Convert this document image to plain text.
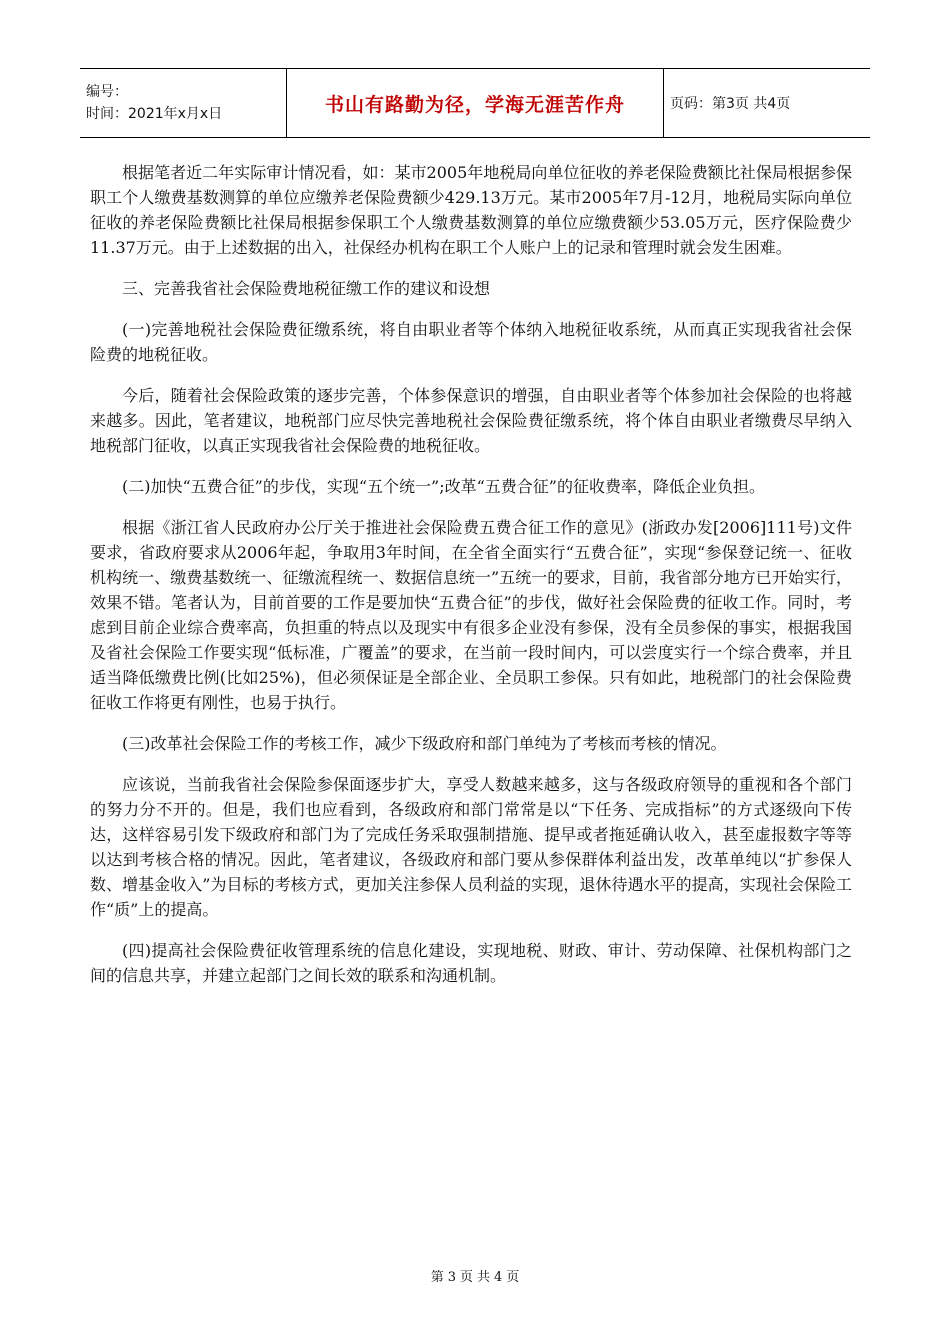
编号：
时间：2021年x月x日	书山有路勤为径，学海无涯苦作舟	页码：第3页 共4页

根据笔者近二年实际审计情况看，如：某市2005年地税局向单位征收的养老保险费额比社保局根据参保职工个人缴费基数测算的单位应缴养老保险费额少429.13万元。某市2005年7月-12月，地税局实际向单位征收的养老保险费额比社保局根据参保职工个人缴费基数测算的单位应缴费额少53.05万元，医疗保险费少11.37万元。由于上述数据的出入，社保经办机构在职工个人账户上的记录和管理时就会发生困难。

三、完善我省社会保险费地税征缴工作的建议和设想

(一)完善地税社会保险费征缴系统，将自由职业者等个体纳入地税征收系统，从而真正实现我省社会保险费的地税征收。

今后，随着社会保险政策的逐步完善，个体参保意识的增强，自由职业者等个体参加社会保险的也将越来越多。因此，笔者建议，地税部门应尽快完善地税社会保险费征缴系统，将个体自由职业者缴费尽早纳入地税部门征收，以真正实现我省社会保险费的地税征收。

(二)加快“五费合征”的步伐，实现“五个统一”;改革“五费合征”的征收费率，降低企业负担。

根据《浙江省人民政府办公厅关于推进社会保险费五费合征工作的意见》(浙政办发[2006]111号)文件要求，省政府要求从2006年起，争取用3年时间，在全省全面实行“五费合征”，实现“参保登记统一、征收机构统一、缴费基数统一、征缴流程统一、数据信息统一”五统一的要求，目前，我省部分地方已开始实行，效果不错。笔者认为，目前首要的工作是要加快“五费合征”的步伐，做好社会保险费的征收工作。同时，考虑到目前企业综合费率高，负担重的特点以及现实中有很多企业没有参保，没有全员参保的事实，根据我国及省社会保险工作要实现“低标准，广覆盖”的要求，在当前一段时间内，可以尝度实行一个综合费率，并且适当降低缴费比例(比如25%)，但必须保证是全部企业、全员职工参保。只有如此，地税部门的社会保险费征收工作将更有刚性，也易于执行。

(三)改革社会保险工作的考核工作，减少下级政府和部门单纯为了考核而考核的情况。

应该说，当前我省社会保险参保面逐步扩大，享受人数越来越多，这与各级政府领导的重视和各个部门的努力分不开的。但是，我们也应看到，各级政府和部门常常是以“下任务、完成指标”的方式逐级向下传达，这样容易引发下级政府和部门为了完成任务采取强制措施、提早或者拖延确认收入，甚至虚报数字等等以达到考核合格的情况。因此，笔者建议，各级政府和部门要从参保群体利益出发，改革单纯以“扩参保人数、增基金收入”为目标的考核方式，更加关注参保人员利益的实现，退休待遇水平的提高，实现社会保险工作“质”上的提高。

(四)提高社会保险费征收管理系统的信息化建设，实现地税、财政、审计、劳动保障、社保机构部门之间的信息共享，并建立起部门之间长效的联系和沟通机制。

第 3 页 共 4 页
